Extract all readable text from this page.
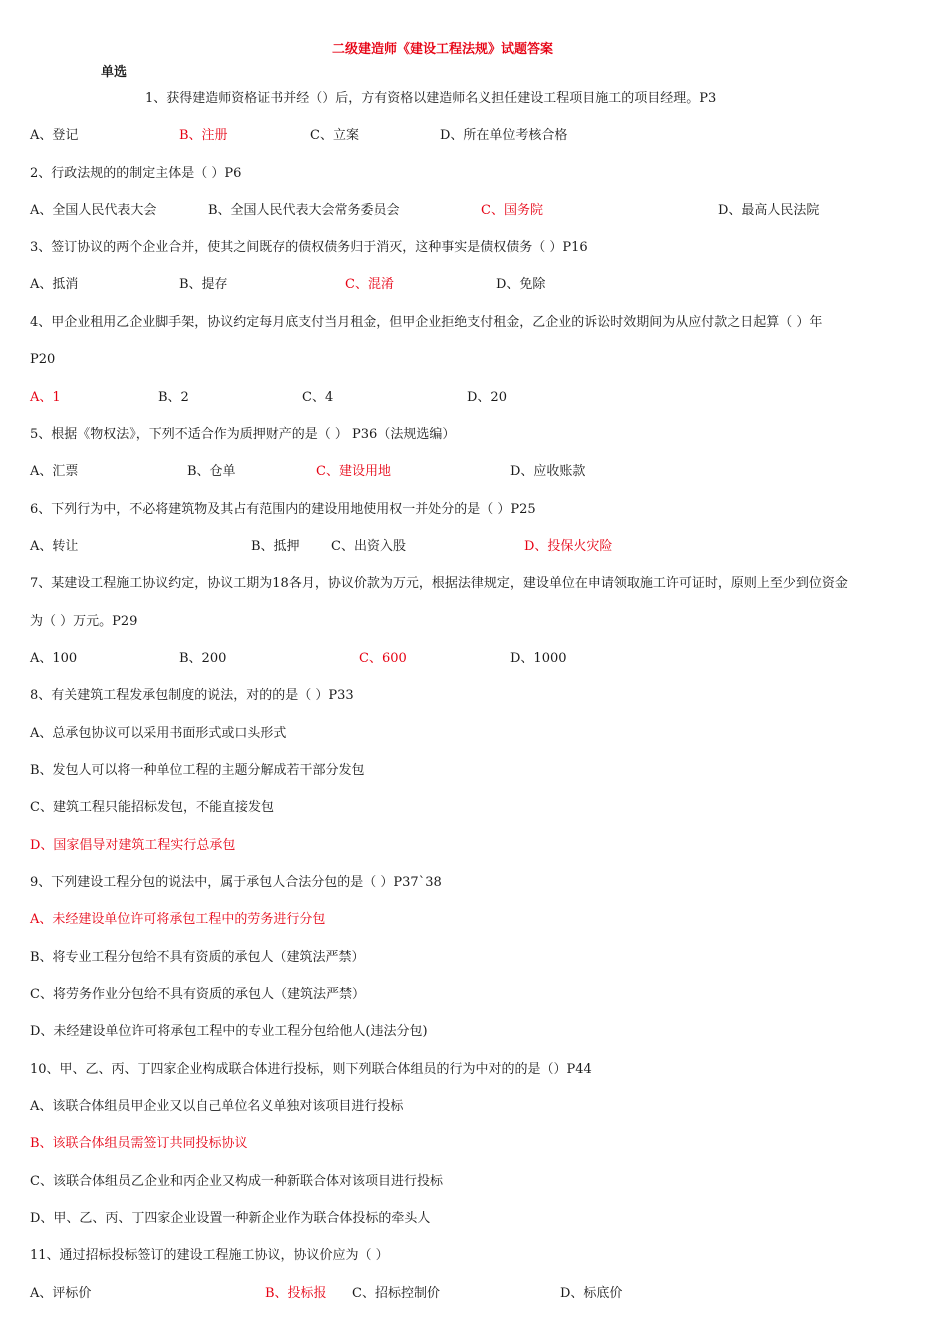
二级建造师《建设工程法规》试题答案
单选
1、获得建造师资格证书并经（）后，方有资格以建造师名义担任建设工程项目施工的项目经理。P3
A、登记	B、注册	C、立案	D、所在单位考核合格
2、行政法规的的制定主体是（ ）P6
A、全国人民代表大会	B、全国人民代表大会常务委员会	C、国务院	D、最高人民法院
3、签订协议的两个企业合并，使其之间既存的债权债务归于消灭，这种事实是债权债务（ ）P16
A、抵消	B、提存	C、混淆	D、免除
4、甲企业租用乙企业脚手架，协议约定每月底支付当月租金，但甲企业拒绝支付租金，乙企业的诉讼时效期间为从应付款之日起算（ ）年
P20
A、1	B、2	C、4	D、20
5、根据《物权法》，下列不适合作为质押财产的是（ ） P36（法规选编）
A、汇票	B、仓单	C、建设用地	D、应收账款
6、下列行为中，不必将建筑物及其占有范围内的建设用地使用权一并处分的是（ ）P25
A、转让	B、抵押 C、出资入股	D、投保火灾险
7、某建设工程施工协议约定，协议工期为18各月，协议价款为万元，根据法律规定，建设单位在申请领取施工许可证时，原则上至少到位资金
为（ ）万元。P29
A、100	B、200	C、600	D、1000
8、有关建筑工程发承包制度的说法，对的的是（ ）P33
A、总承包协议可以采用书面形式或口头形式
B、发包人可以将一种单位工程的主题分解成若干部分发包
C、建筑工程只能招标发包，不能直接发包
D、国家倡导对建筑工程实行总承包
9、下列建设工程分包的说法中，属于承包人合法分包的是（ ）P37`38
A、未经建设单位许可将承包工程中的劳务进行分包
B、将专业工程分包给不具有资质的承包人（建筑法严禁）
C、将劳务作业分包给不具有资质的承包人（建筑法严禁）
D、未经建设单位许可将承包工程中的专业工程分包给他人(违法分包)
10、甲、乙、丙、丁四家企业构成联合体进行投标，则下列联合体组员的行为中对的的是（）P44
A、该联合体组员甲企业又以自己单位名义单独对该项目进行投标
B、该联合体组员需签订共同投标协议
C、该联合体组员乙企业和丙企业又构成一种新联合体对该项目进行投标
D、甲、乙、丙、丁四家企业设置一种新企业作为联合体投标的牵头人
11、通过招标投标签订的建设工程施工协议，协议价应为（ ）
A、评标价	B、投标报 C、招标控制价	D、标底价
